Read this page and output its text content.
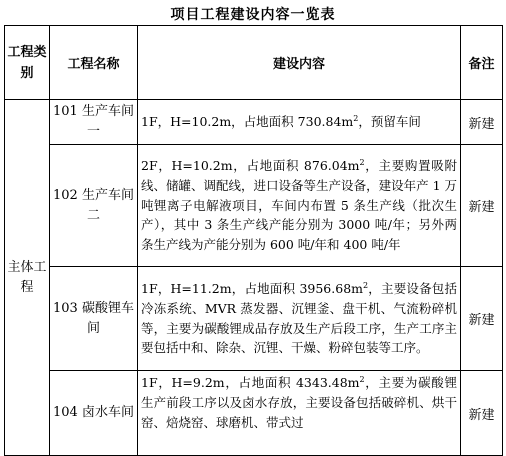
项目工程建设内容一览表
工程类别	工程名称	建设内容	备注
主体工程	101 生产车间一	1F，H=10.2m，占地面积 $730.84m^2$，预留车间	新建
	102 生产车间二	2F，H=10.2m，占地面积 $876.04m^2$，主要购置吸附线、储罐、调配线，进口设备等生产设备，建设年产 1 万吨锂离子电解液项目，车间内布置 5 条生产线（批次生产），其中 3 条生产线产能分别为 3000 吨/年；另外两条生产线为产能分别为 600 吨/年和 400 吨/年	新建
	103 碳酸锂车间	1F，H=11.2m，占地面积 $3956.68m^2$，主要设备包括冷冻系统、MVR 蒸发器、沉锂釜、盘干机、气流粉碎机等，主要为碳酸锂成品存放及生产后段工序，生产工序主要包括中和、除杂、沉锂、干燥、粉碎包装等工序。	新建
	104 卤水车间	1F，H=9.2m，占地面积 $4343.48m^2$，主要为碳酸锂生产前段工序以及卤水存放，主要设备包括破碎机、烘干窑、焙烧窑、球磨机、带式过	新建
